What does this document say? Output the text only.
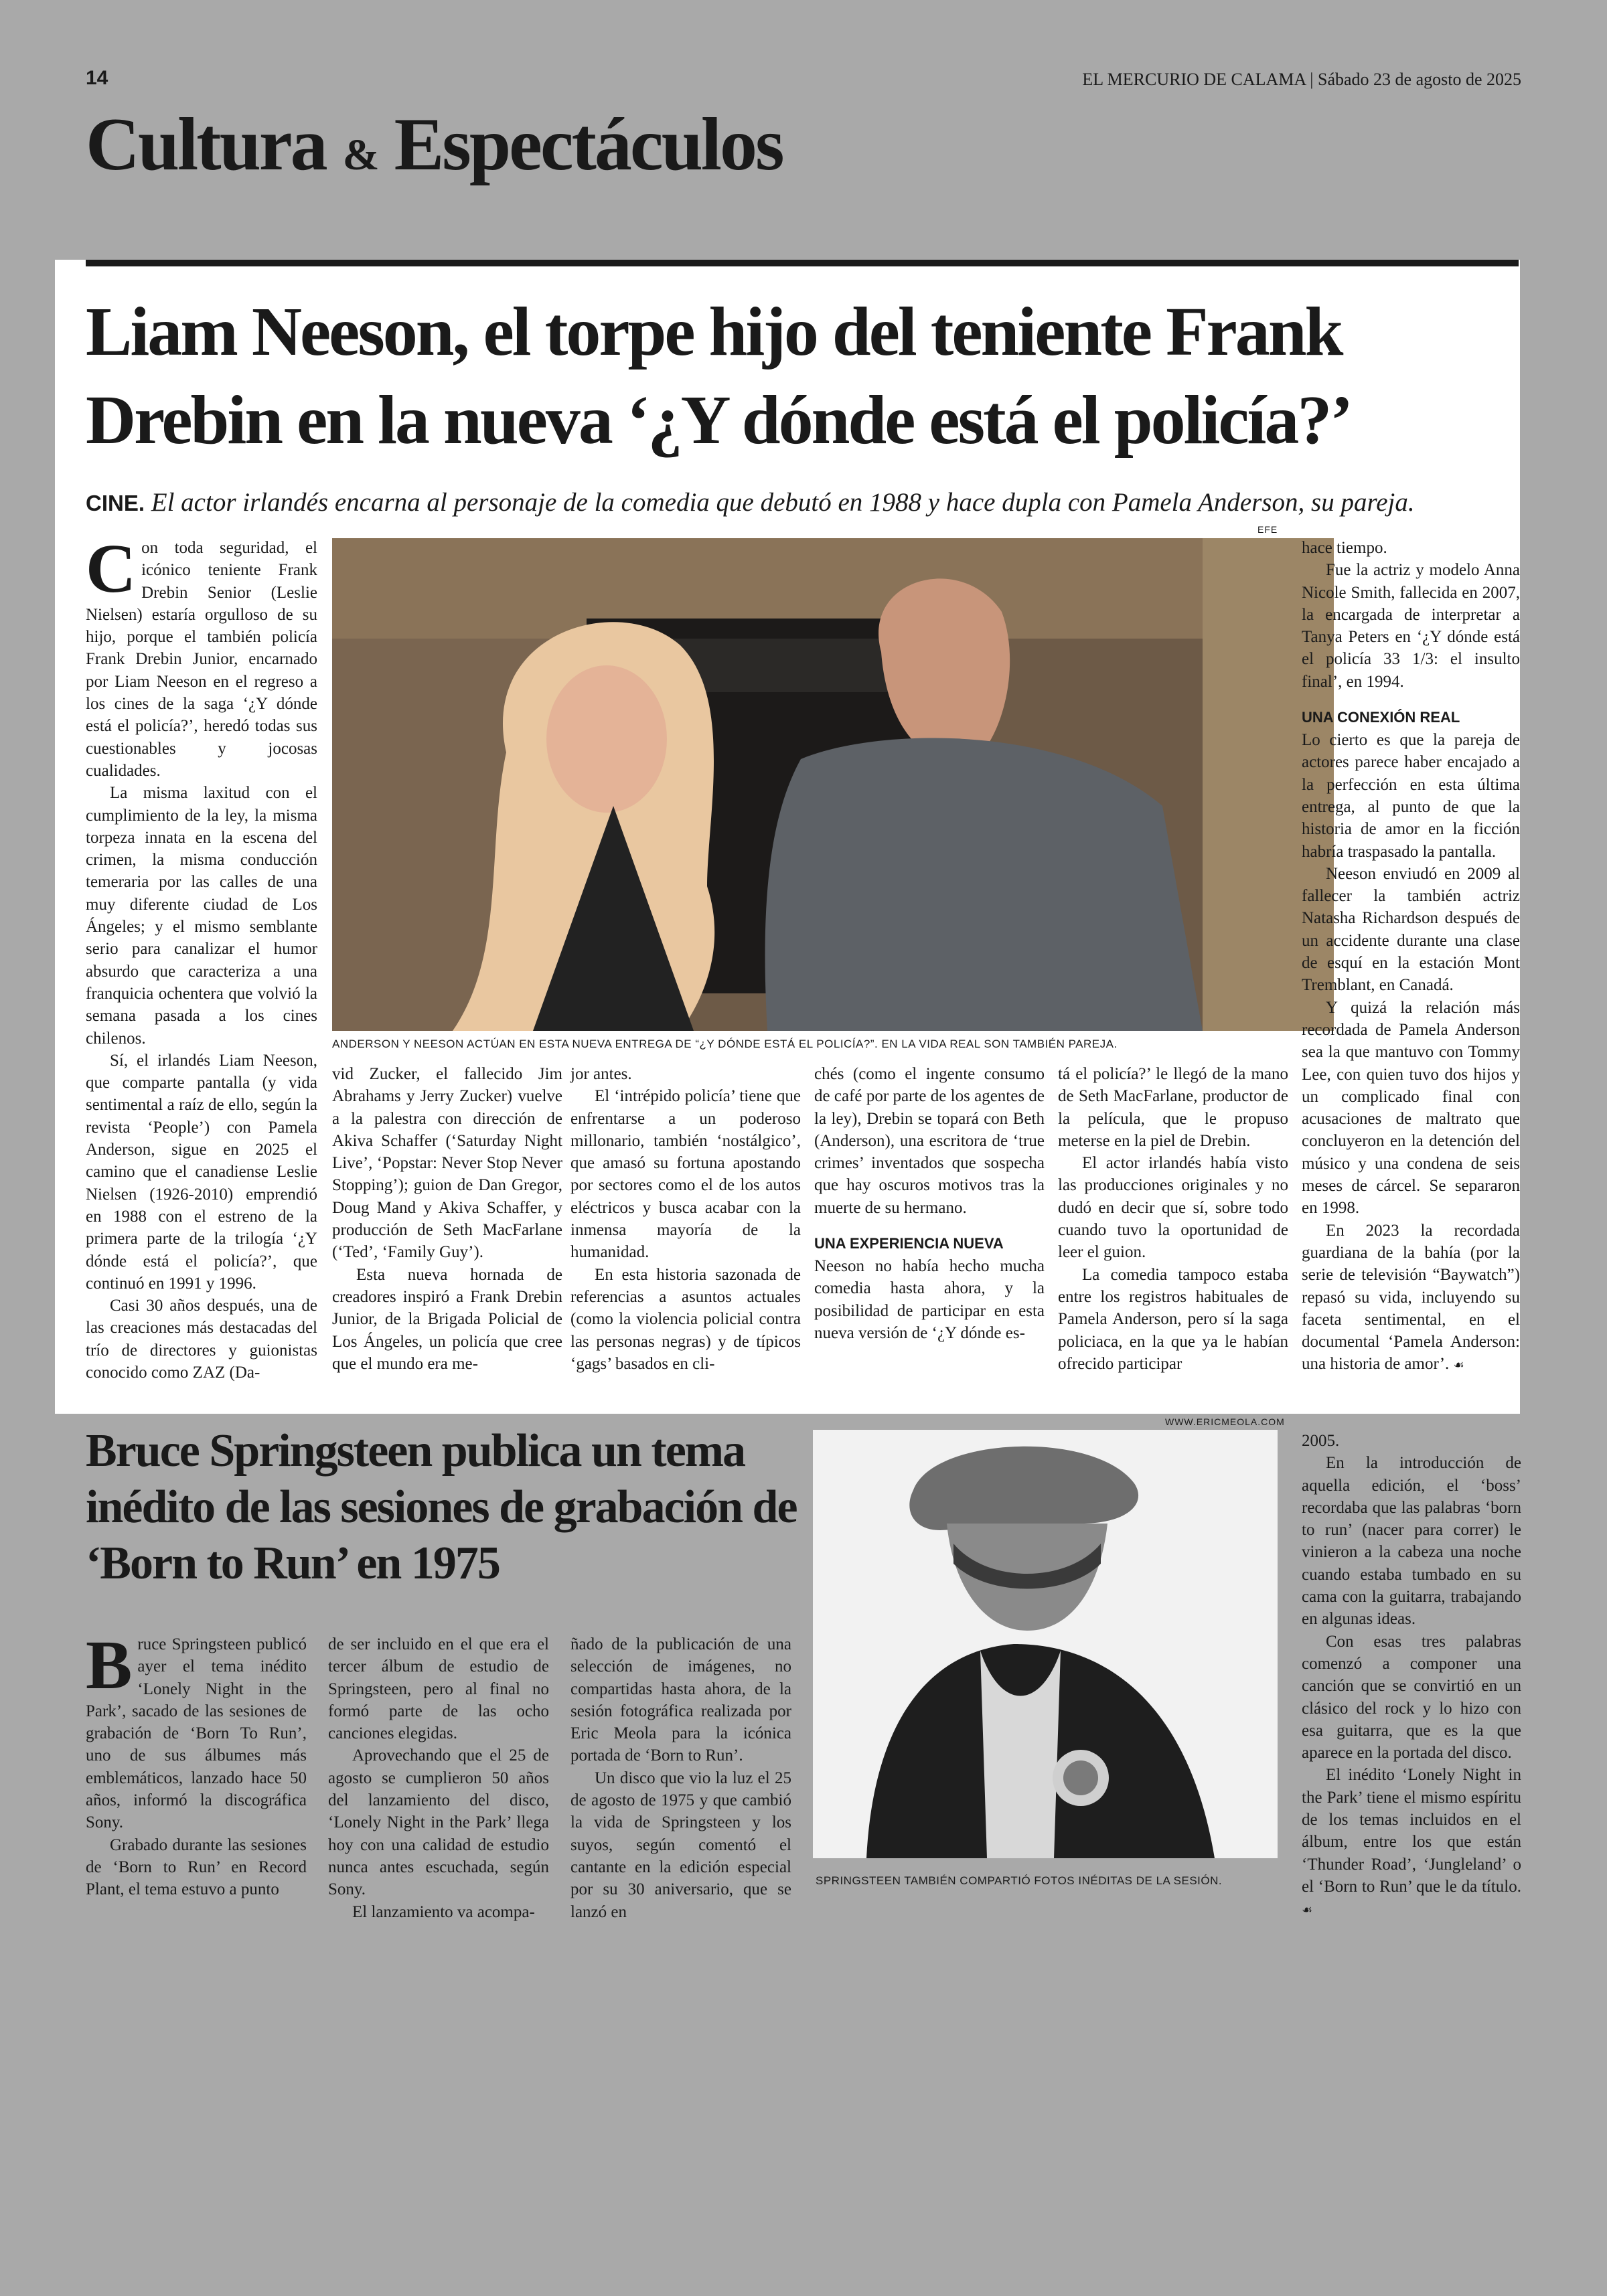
14	EL MERCURIO DE CALAMA | Sábado 23 de agosto de 2025
Cultura & Espectáculos
Liam Neeson, el torpe hijo del teniente Frank Drebin en la nueva ‘¿Y dónde está el policía?’
CINE. El actor irlandés encarna al personaje de la comedia que debutó en 1988 y hace dupla con Pamela Anderson, su pareja.
EFE

Con toda seguridad, el icónico teniente Frank Drebin Senior (Leslie Nielsen) estaría orgulloso de su hijo, porque el también policía Frank Drebin Junior, encarnado por Liam Neeson en el regreso a los cines de la saga ‘¿Y dónde está el policía?’, heredó todas sus cuestionables y jocosas cualidades.

La misma laxitud con el cumplimiento de la ley, la misma torpeza innata en la escena del crimen, la misma conducción temeraria por las calles de una muy diferente ciudad de Los Ángeles; y el mismo semblante serio para canalizar el humor absurdo que caracteriza a una franquicia ochentera que volvió la semana pasada a los cines chilenos.

Sí, el irlandés Liam Neeson, que comparte pantalla (y vida sentimental a raíz de ello, según la revista ‘People’) con Pamela Anderson, sigue en 2025 el camino que el canadiense Leslie Nielsen (1926-2010) emprendió en 1988 con el estreno de la primera parte de la trilogía ‘¿Y dónde está el policía?’, que continuó en 1991 y 1996.

Casi 30 años después, una de las creaciones más destacadas del trío de directores y guionistas conocido como ZAZ (Da-

ANDERSON Y NEESON ACTÚAN EN ESTA NUEVA ENTREGA DE “¿Y DÓNDE ESTÁ EL POLICÍA?”. EN LA VIDA REAL SON TAMBIÉN PAREJA.

vid Zucker, el fallecido Jim Abrahams y Jerry Zucker) vuelve a la palestra con dirección de Akiva Schaffer (‘Saturday Night Live’, ‘Popstar: Never Stop Never Stopping’); guion de Dan Gregor, Doug Mand y Akiva Schaffer, y producción de Seth MacFarlane (‘Ted’, ‘Family Guy’).

Esta nueva hornada de creadores inspiró a Frank Drebin Junior, de la Brigada Policial de Los Ángeles, un policía que cree que el mundo era me-

jor antes.

El ‘intrépido policía’ tiene que enfrentarse a un poderoso millonario, también ‘nostálgico’, que amasó su fortuna apostando por sectores como el de los autos eléctricos y busca acabar con la inmensa mayoría de la humanidad.

En esta historia sazonada de referencias a asuntos actuales (como la violencia policial contra las personas negras) y de típicos ‘gags’ basados en cli-

chés (como el ingente consumo de café por parte de los agentes de la ley), Drebin se topará con Beth (Anderson), una escritora de ‘true crimes’ inventados que sospecha que hay oscuros motivos tras la muerte de su hermano.

UNA EXPERIENCIA NUEVA

Neeson no había hecho mucha comedia hasta ahora, y la posibilidad de participar en esta nueva versión de ‘¿Y dónde es-

tá el policía?’ le llegó de la mano de Seth MacFarlane, productor de la película, que le propuso meterse en la piel de Drebin.

El actor irlandés había visto las producciones originales y no dudó en decir que sí, sobre todo cuando tuvo la oportunidad de leer el guion.

La comedia tampoco estaba entre los registros habituales de Pamela Anderson, pero sí la saga policiaca, en la que ya le habían ofrecido participar

hace tiempo.

Fue la actriz y modelo Anna Nicole Smith, fallecida en 2007, la encargada de interpretar a Tanya Peters en ‘¿Y dónde está el policía 33 1/3: el insulto final’, en 1994.

UNA CONEXIÓN REAL

Lo cierto es que la pareja de actores parece haber encajado a la perfección en esta última entrega, al punto de que la historia de amor en la ficción habría traspasado la pantalla.

Neeson enviudó en 2009 al fallecer la también actriz Natasha Richardson después de un accidente durante una clase de esquí en la estación Mont Tremblant, en Canadá.

Y quizá la relación más recordada de Pamela Anderson sea la que mantuvo con Tommy Lee, con quien tuvo dos hijos y un complicado final con acusaciones de maltrato que concluyeron en la detención del músico y una condena de seis meses de cárcel. Se separaron en 1998.

En 2023 la recordada guardiana de la bahía (por la serie de televisión “Baywatch”) repasó su vida, incluyendo su faceta sentimental, en el documental ‘Pamela Anderson: una historia de amor’. ☙

Bruce Springsteen publica un tema inédito de las sesiones de grabación de ‘Born to Run’ en 1975
WWW.ERICMEOLA.COM
SPRINGSTEEN TAMBIÉN COMPARTIÓ FOTOS INÉDITAS DE LA SESIÓN.

Bruce Springsteen publicó ayer el tema inédito ‘Lonely Night in the Park’, sacado de las sesiones de grabación de ‘Born To Run’, uno de sus álbumes más emblemáticos, lanzado hace 50 años, informó la discográfica Sony.

Grabado durante las sesiones de ‘Born to Run’ en Record Plant, el tema estuvo a punto

de ser incluido en el que era el tercer álbum de estudio de Springsteen, pero al final no formó parte de las ocho canciones elegidas.

Aprovechando que el 25 de agosto se cumplieron 50 años del lanzamiento del disco, ‘Lonely Night in the Park’ llega hoy con una calidad de estudio nunca antes escuchada, según Sony.

El lanzamiento va acompa-

ñado de la publicación de una selección de imágenes, no compartidas hasta ahora, de la sesión fotográfica realizada por Eric Meola para la icónica portada de ‘Born to Run’.

Un disco que vio la luz el 25 de agosto de 1975 y que cambió la vida de Springsteen y los suyos, según comentó el cantante en la edición especial por su 30 aniversario, que se lanzó en

2005.

En la introducción de aquella edición, el ‘boss’ recordaba que las palabras ‘born to run’ (nacer para correr) le vinieron a la cabeza una noche cuando estaba tumbado en su cama con la guitarra, trabajando en algunas ideas.

Con esas tres palabras comenzó a componer una canción que se convirtió en un clásico del rock y lo hizo con esa guitarra, que es la que aparece en la portada del disco.

El inédito ‘Lonely Night in the Park’ tiene el mismo espíritu de los temas incluidos en el álbum, entre los que están ‘Thunder Road’, ‘Jungleland’ o el ‘Born to Run’ que le da título. ☙
